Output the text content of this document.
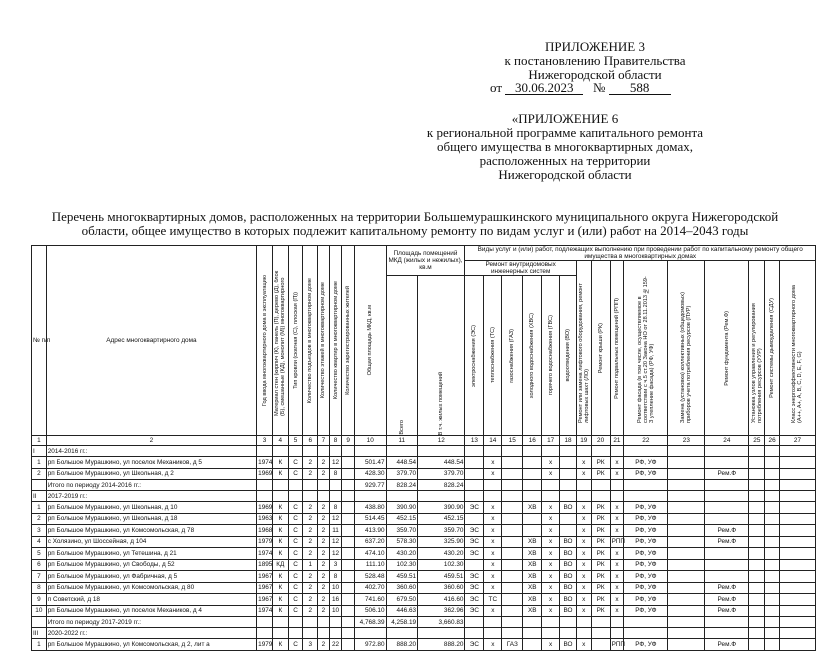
ПРИЛОЖЕНИЕ 3
к постановлению Правительства
Нижегородской области
от 30.06.2023 № 588
«ПРИЛОЖЕНИЕ 6
к региональной программе капитального ремонта
общего имущества в многоквартирных домах,
расположенных на территории
Нижегородской области
Перечень многоквартирных домов, расположенных на территории Большемурашкинского муниципального округа Нижегородской
области, общее имущество в которых подлежит капитальному ремонту по видам услуг и (или) работ на 2014–2043 годы
№ п/п	Адрес многоквартирного дома	Год ввода многоквартирного дома в эксплуатацию	Материал стен (кирпич (К), панель (П), дерево (Д), блок (Б), смешанные (КД), монолит (М)) многоквартирного	Тип кровли (скатная (С), плоская (П))	Количество подъездов в многоквартирном доме	Количество этажей в многоквартирном доме	Количество квартир в многоквартирном доме	Количество зарегистрированных жителей	Общая площадь МКД, кв.м	Площадь помещений МКД (жилых и нежилых), кв.м		Виды услуг и (или) работ, подлежащих выполнению при проведении работ по капитальному ремонту общего имущества в многоквартирных домах														
												Ремонт внутридомовых инженерных систем						Ремонт или замена лифтового оборудования, ремонт лифтовых шахт (ЛО)	Ремонт крыши (РК)	Ремонт подвальных помещений (РПП)	Ремонт фасада (в том числе, осуществляемое в соответствии с ч.5 ст.20 Закона НО от 28.11.2013 №159-З утепление фасада) (РФ, УФ)	Замена (установка) коллективных (общедомовых) приборов учета потребления ресурсов (ПУР)	Ремонт фундамента (Рем.Ф)	Установка узлов управления и регулирования потребления ресурсов (УУР)	Ремонт системы дымоудаления (СДУ)	Класс энергоэффективности многоквартирного дома (A++, A+, A, B, C, D, E, F, G)

										Всего	В т.ч. жилых помещений	электроснабжения (ЭС)	теплоснабжения (ТС)	газоснабжения (ГАЗ)	холодного водоснабжения (ХВС)	горячего водоснабжения (ГВС)	водоотведения (ВО)									

1	2	3	4	5	6	7	8	9	10	11	12	13	14	15	16	17	18	19	20	21	22	23	24	25	26	27
I	2014-2016 гг.:																									
1	рп Большое Мурашкино, ул поселок Механиков, д 5	1974	К	С	2	2	12		501.47	448.54	448.54		х			х		х	РК	х	РФ, УФ					
2	рп Большое Мурашкино, ул Школьная, д 2	1969	К	С	2	2	8		428.30	379.70	379.70		х			х		х	РК	х	РФ, УФ		Рем.Ф			
	Итого по периоду 2014-2016 гг.:								929.77	828.24	828.24															
II	2017-2019 гг.:																									
1	рп Большое Мурашкино, ул Школьная, д 10	1969	К	С	2	2	8		438.80	390.90	390.90	ЭС	х		ХВ	х	ВО	х	РК	х	РФ, УФ					
2	рп Большое Мурашкино, ул Школьная, д 18	1963	К	С	2	2	12		514.45	452.15	452.15		х			х		х	РК	х	РФ, УФ					
3	рп Большое Мурашкино, ул Комсомольская, д 78	1968	К	С	2	2	11		413.90	359.70	359.70	ЭС	х			х		х	РК	х	РФ, УФ		Рем.Ф			
4	с Холязино, ул Шоссейная, д 104	1979	К	С	2	2	12		637.20	578.30	325.90	ЭС	х		ХВ	х	ВО	х	РК	РПП	РФ, УФ		Рем.Ф			
5	рп Большое Мурашкино, ул Тетешина, д 21	1974	К	С	2	2	12		474.10	430.20	430.20	ЭС	х		ХВ	х	ВО	х	РК	х	РФ, УФ					
6	рп Большое Мурашкино, ул Свободы, д 52	1895	КД	С	1	2	3		111.10	102.30	102.30		х		ХВ	х	ВО	х	РК	х	РФ, УФ					
7	рп Большое Мурашкино, ул Фабричная, д 5	1967	К	С	2	2	8		528.48	459.51	459.51	ЭС	х		ХВ	х	ВО	х	РК	х	РФ, УФ					
8	рп Большое Мурашкино, ул Комсомольская, д 80	1967	К	С	2	2	10		402.70	360.60	360.60	ЭС	х		ХВ	х	ВО	х	РК	х	РФ, УФ		Рем.Ф			
9	п Советский, д 18	1967	К	С	2	2	16		741.60	679.50	416.60	ЭС	ТС		ХВ	х	ВО	х	РК	х	РФ, УФ		Рем.Ф			
10	рп Большое Мурашкино, ул поселок Механиков, д 4	1974	К	С	2	2	10		506.10	446.63	362.96	ЭС	х		ХВ	х	ВО	х	РК	х	РФ, УФ		Рем.Ф			
	Итого по периоду 2017-2019 гг.:								4,768.39	4,258.19	3,660.83															
III	2020-2022 гг.:																									
1	рп Большое Мурашкино, ул Комсомольская, д 2, лит а	1979	К	С	3	2	22		972.80	888.20	888.20	ЭС	х	ГАЗ		х	ВО	х		РПП	РФ, УФ		Рем.Ф			
